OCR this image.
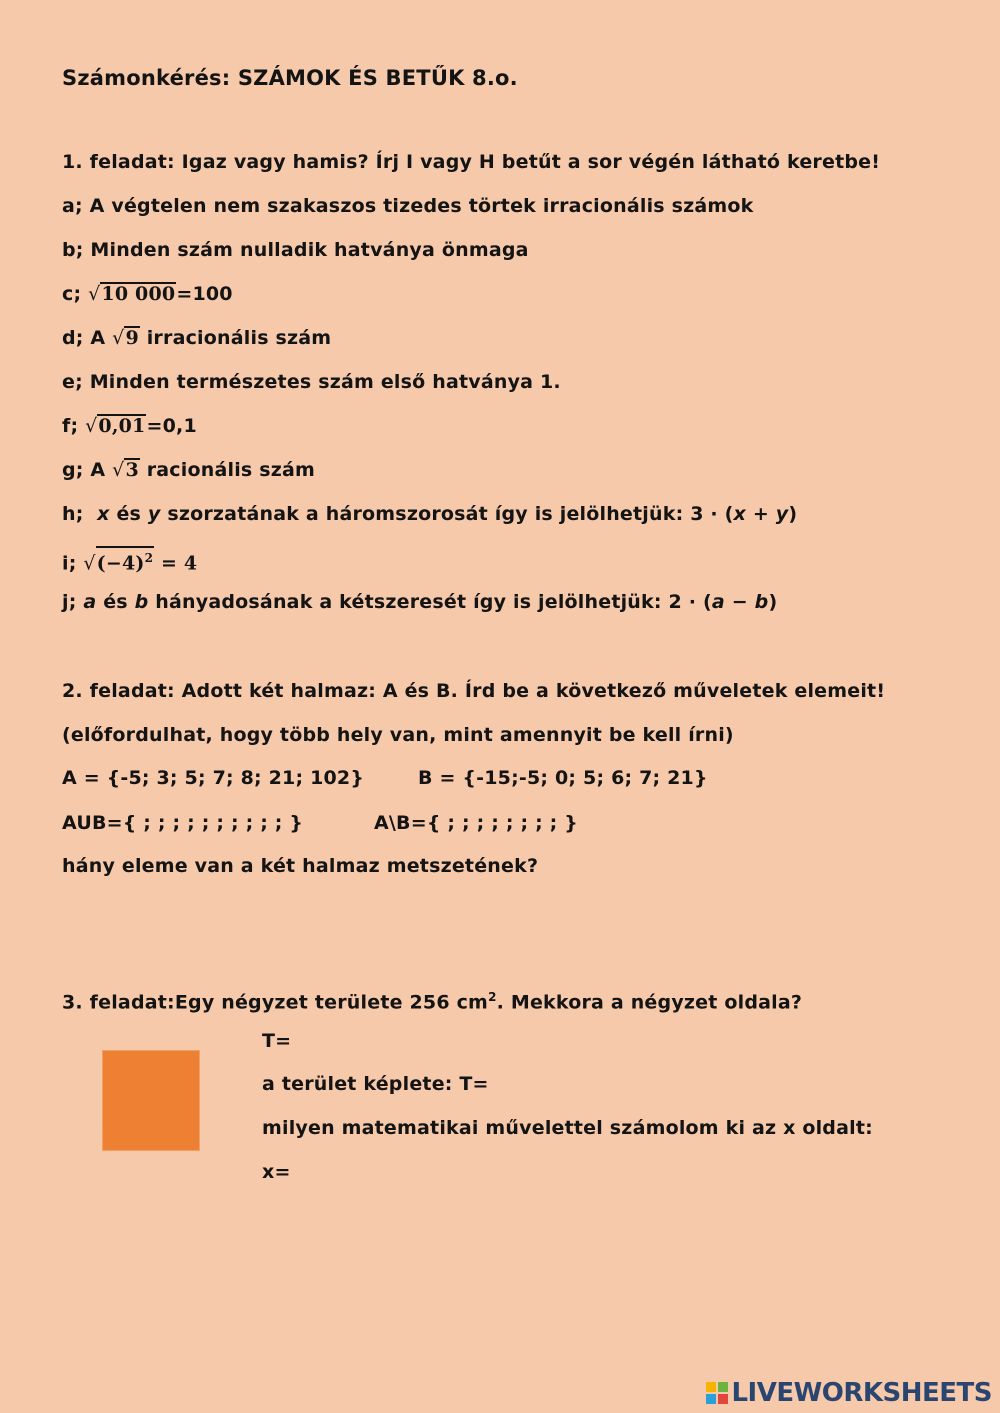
Számonkérés: SZÁMOK ÉS BETŰK 8.o.
1. feladat: Igaz vagy hamis? Írj I vagy H betűt a sor végén látható keretbe!
a; A végtelen nem szakaszos tizedes törtek irracionális számok
b; Minden szám nulladik hatványa önmaga
c; √10 000=100
d; A √9 irracionális szám
e; Minden természetes szám első hatványa 1.
f; √0,01=0,1
g; A √3 racionális szám
h; x és y szorzatának a háromszorosát így is jelölhetjük: 3 · (x + y)
i; $√(-4)^2 = 4$
j; a és b hányadosának a kétszeresét így is jelölhetjük: 2 · (a − b)
2. feladat: Adott két halmaz: A és B. Írd be a következő műveletek elemeit!
(előfordulhat, hogy több hely van, mint amennyit be kell írni)
A = {-5; 3; 5; 7; 8; 21; 102}	B = {-15;-5; 0; 5; 6; 7; 21}
AUB={ ; ; ; ; ; ; ; ; ; ; }	A\B={ ; ; ; ; ; ; ; ; }
hány eleme van a két halmaz metszetének?
3. feladat:Egy négyzet területe 256 $cm^2$. Mekkora a négyzet oldala?
T=
a terület képlete: T=
milyen matematikai művelettel számolom ki az x oldalt:
x=
LIVEWORKSHEETS
